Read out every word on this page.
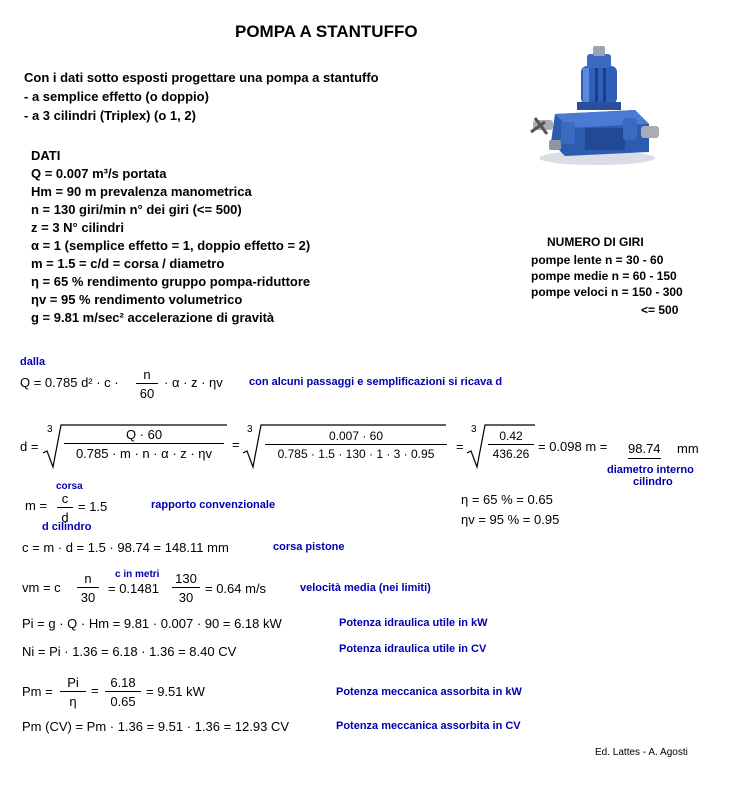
POMPA A STANTUFFO
Con i dati sotto esposti progettare una pompa a stantuffo
- a semplice effetto (o doppio)
- a 3 cilindri (Triplex) (o 1, 2)
DATI
Q = 0.007 m³/s portata
Hm = 90 m prevalenza manometrica
n = 130 giri/min n° dei giri (<= 500)
z = 3 N° cilindri
α = 1 (semplice effetto = 1, doppio effetto = 2)
m = 1.5 = c/d = corsa / diametro
η = 65 % rendimento gruppo pompa-riduttore
ηv = 95 % rendimento volumetrico
g = 9.81 m/sec² accelerazione di gravità
NUMERO DI GIRI
pompe lente n = 30 - 60
pompe medie n = 60 - 150
pompe veloci n = 150 - 300
<= 500
dalla
Q = 0.785 $d^2 \cdot c \cdot \frac{n}{60} \cdot \alpha \cdot z \cdot \eta v$ con alcuni passaggi e semplificazioni si ricava d
d =
$3 \frac{Q \cdot 60}{0.785 \cdot m \cdot n \cdot \alpha \cdot z \cdot \eta v}$ =
3
$\frac{0.007 \cdot 60}{0.785 \cdot 1.5 \cdot 130 \cdot 1 \cdot 3 \cdot 0.95}$ =
3
$\frac{0.42}{436.26} = 0.098$ m = 98.74 mm
diametro interno
cilindro
corsa
$m = \frac{c}{d} = 1.5$
d cilindro
rapporto convenzionale	η = 65 % = 0.65
ηv = 95 % = 0.95
c = m · d = 1.5 · 98.74 = 148.11 mm	corsa pistone
vm = c $\frac{n}{30}$ c in metri
= $0.1481 \frac{130}{30} = 0.64$ m/s	velocità media (nei limiti)
Pi = g · Q · Hm = 9.81 · 0.007 · 90 = 6.18 kW	Potenza idraulica utile in kW
Ni = Pi · 1.36 = 6.18 · 1.36 = 8.40 CV	Potenza idraulica utile in CV
$Pm = \frac{Pi}{\eta} = \frac{6.18}{0.65} = 9.51$ kW	Potenza meccanica assorbita in kW
Pm (CV) = Pm · 1.36 = 9.51 · 1.36 = 12.93 CV	Potenza meccanica assorbita in CV
Ed. Lattes - A. Agosti
